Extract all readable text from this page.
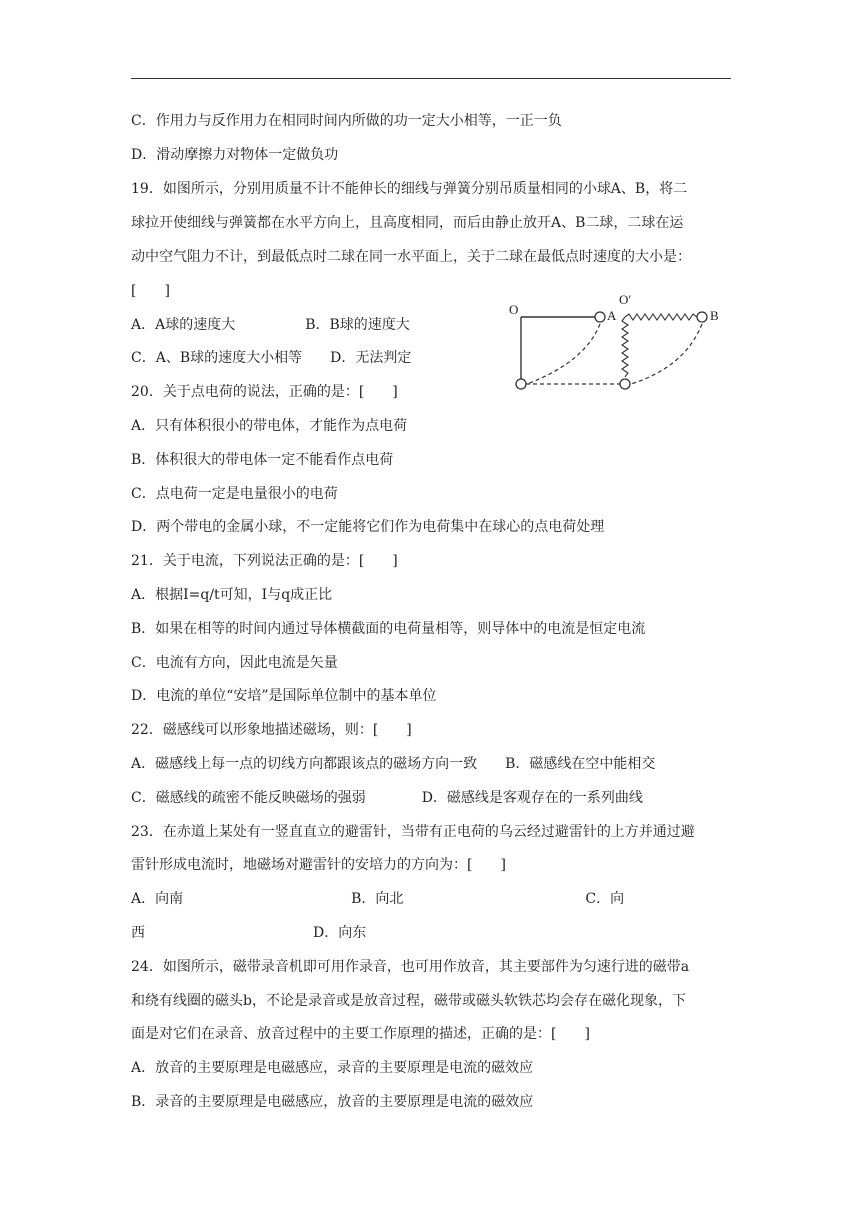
C．作用力与反作用力在相同时间内所做的功一定大小相等，一正一负
D．滑动摩擦力对物体一定做负功
19．如图所示，分别用质量不计不能伸长的细线与弹簧分别吊质量相同的小球A、B，将二
球拉开使细线与弹簧都在水平方向上，且高度相同，而后由静止放开A、B二球，二球在运
动中空气阻力不计，到最低点时二球在同一水平面上，关于二球在最低点时速度的大小是：
[　　]
A．A球的速度大　　　　　B．B球的速度大
C．A、B球的速度大小相等　　D．无法判定
20．关于点电荷的说法，正确的是：[　　]
A．只有体积很小的带电体，才能作为点电荷
B．体积很大的带电体一定不能看作点电荷
C．点电荷一定是电量很小的电荷
D．两个带电的金属小球，不一定能将它们作为电荷集中在球心的点电荷处理
21．关于电流，下列说法正确的是：[　　]
A．根据I=q/t可知，I与q成正比
B．如果在相等的时间内通过导体横截面的电荷量相等，则导体中的电流是恒定电流
C．电流有方向，因此电流是矢量
D．电流的单位“安培”是国际单位制中的基本单位
22．磁感线可以形象地描述磁场，则：[　　]
A．磁感线上每一点的切线方向都跟该点的磁场方向一致　　B．磁感线在空中能相交
C．磁感线的疏密不能反映磁场的强弱　　　　D．磁感线是客观存在的一系列曲线
23．在赤道上某处有一竖直直立的避雷针，当带有正电荷的乌云经过避雷针的上方并通过避
雷针形成电流时，地磁场对避雷针的安培力的方向为：[　　]
A．向南　　　　　　　　　　　　B．向北　　　　　　　　　　　　　C．向
西　　　　　　　　　　　　D．向东
24．如图所示，磁带录音机即可用作录音，也可用作放音，其主要部件为匀速行进的磁带a
和绕有线圈的磁头b，不论是录音或是放音过程，磁带或磁头软铁芯均会存在磁化现象，下
面是对它们在录音、放音过程中的主要工作原理的描述，正确的是：[　　]
A．放音的主要原理是电磁感应，录音的主要原理是电流的磁效应
B．录音的主要原理是电磁感应，放音的主要原理是电流的磁效应
O	A
O′
B
